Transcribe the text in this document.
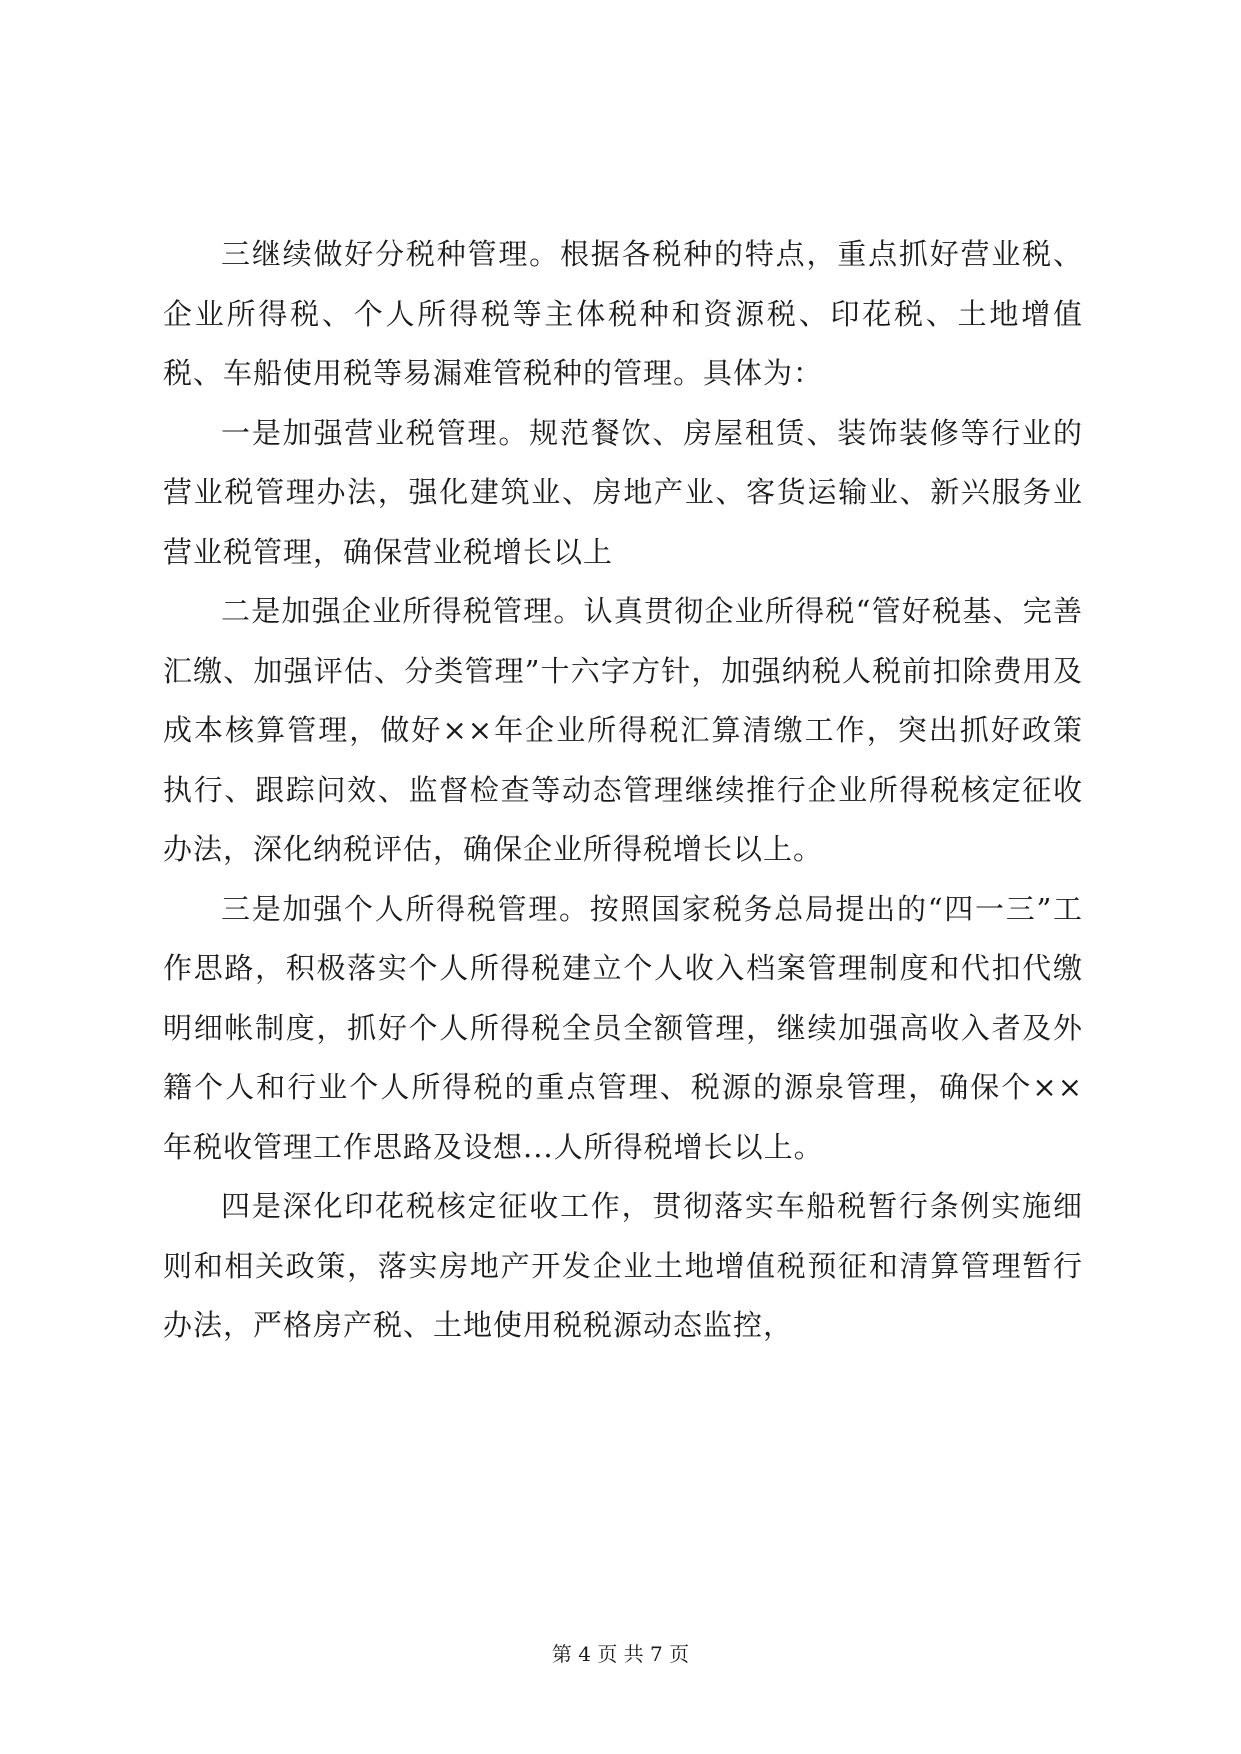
三继续做好分税种管理。根据各税种的特点，重点抓好营业税、企业所得税、个人所得税等主体税种和资源税、印花税、土地增值税、车船使用税等易漏难管税种的管理。具体为：

一是加强营业税管理。规范餐饮、房屋租赁、装饰装修等行业的营业税管理办法，强化建筑业、房地产业、客货运输业、新兴服务业营业税管理，确保营业税增长以上

二是加强企业所得税管理。认真贯彻企业所得税“管好税基、完善汇缴、加强评估、分类管理”十六字方针，加强纳税人税前扣除费用及成本核算管理，做好××年企业所得税汇算清缴工作，突出抓好政策执行、跟踪问效、监督检查等动态管理继续推行企业所得税核定征收办法，深化纳税评估，确保企业所得税增长以上。

三是加强个人所得税管理。按照国家税务总局提出的“四一三”工作思路，积极落实个人所得税建立个人收入档案管理制度和代扣代缴明细帐制度，抓好个人所得税全员全额管理，继续加强高收入者及外籍个人和行业个人所得税的重点管理、税源的源泉管理，确保个××年税收管理工作思路及设想...人所得税增长以上。

四是深化印花税核定征收工作，贯彻落实车船税暂行条例实施细则和相关政策，落实房地产开发企业土地增值税预征和清算管理暂行办法，严格房产税、土地使用税税源动态监控，

第 4 页 共 7 页
